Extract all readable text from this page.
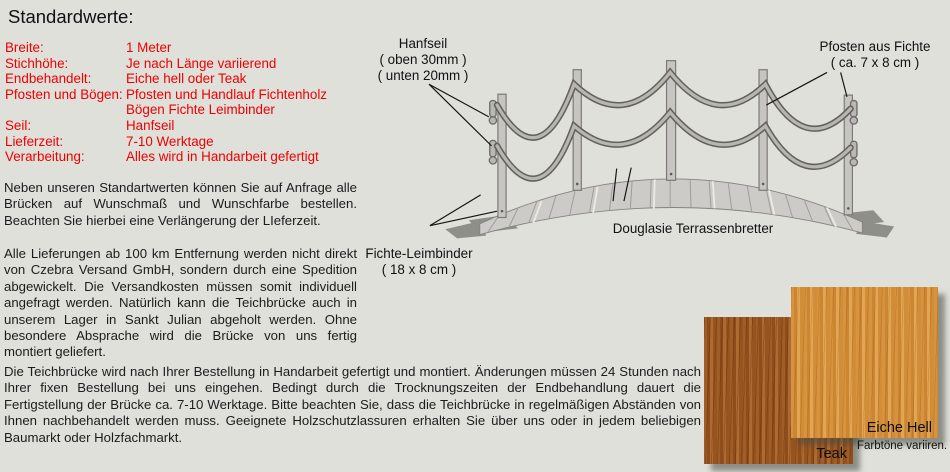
Standardwerte:
Breite:	1 Meter
Stichhöhe:	Je nach Länge variierend
Endbehandelt:	Eiche hell oder Teak
Pfosten und Bögen: Pfosten und Handlauf Fichtenholz
Bögen Fichte Leimbinder
Seil:	Hanfseil
Lieferzeit:	7-10 Werktage
Verarbeitung:	Alles wird in Handarbeit gefertigt
Neben unseren Standartwerten können Sie auf Anfrage alle Brücken auf Wunschmaß und Wunschfarbe bestellen. Beachten Sie hierbei eine Verlängerung der LIeferzeit.
Alle Lieferungen ab 100 km Entfernung werden nicht direkt von Czebra Versand GmbH, sondern durch eine Spedition abgewickelt. Die Versandkosten müssen somit individuell angefragt werden. Natürlich kann die Teichbrücke auch in unserem Lager in Sankt Julian abgeholt werden. Ohne besondere Absprache wird die Brücke von uns fertig montiert geliefert.
Die Teichbrücke wird nach Ihrer Bestellung in Handarbeit gefertigt und montiert. Änderungen müssen 24 Stunden nach Ihrer fixen Bestellung bei uns eingehen. Bedingt durch die Trocknungszeiten der Endbehandlung dauert die Fertigstellung der Brücke ca. 7-10 Werktage. Bitte beachten Sie, dass die Teichbrücke in regelmäßigen Abständen von Ihnen nachbehandelt werden muss. Geeignete Holzschutzlassuren erhalten Sie über uns oder in jedem beliebigen Baumarkt oder Holzfachmarkt.
Hanfseil
( oben 30mm )
( unten 20mm )
Pfosten aus Fichte
( ca. 7 x 8 cm )
Douglasie Terrassenbretter
Fichte-Leimbinder
( 18 x 8 cm )
Teak
Eiche Hell
Farbtöne variiren.
